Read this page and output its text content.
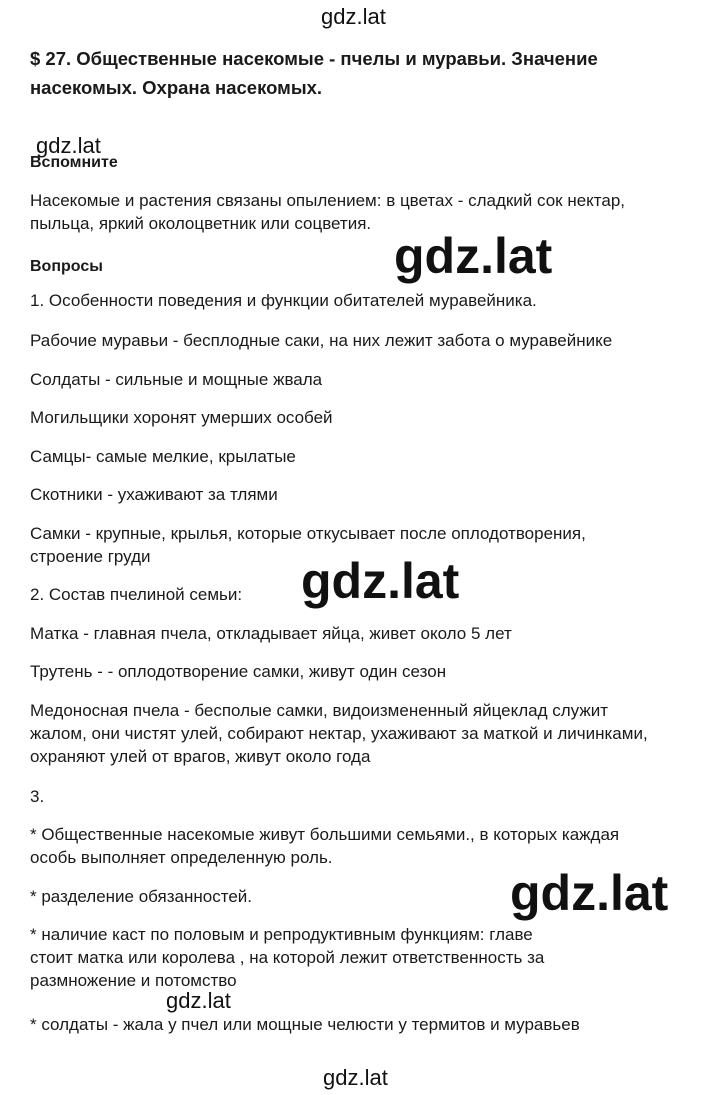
gdz.lat
$ 27. Общественные насекомые - пчелы и муравьи. Значение насекомых. Охрана насекомых.
gdz.lat

Вспомните

Насекомые и растения связаны опылением: в цветах - сладкий сок нектар,

пыльца, яркий околоцветник или соцветия.

Вопросы	gdz.lat

1. Особенности поведения и функции обитателей муравейника.

Рабочие муравьи - бесплодные саки, на них лежит забота о муравейнике

Солдаты - сильные и мощные жвала

Могильщики хоронят умерших особей

Самцы- самые мелкие, крылатые

Скотники - ухаживают за тлями

Самки - крупные, крылья, которые откусывает после оплодотворения,

строение груди	gdz.lat

2. Состав пчелиной семьи:

Матка - главная пчела, откладывает яйца, живет около 5 лет

Трутень - - оплодотворение самки, живут один сезон

Медоносная пчела - бесполые самки, видоизмененный яйцеклад служит

жалом, они чистят улей, собирают нектар, ухаживают за маткой и личинками,

охраняют улей от врагов, живут около года

3.

* Общественные насекомые живут большими семьями., в которых каждая

особь выполняет определенную роль.

* разделение обязанностей.	gdz.lat

* наличие каст по половым и репродуктивным функциям: главе

стоит матка или королева , на которой лежит ответственность за

размножение и потомство

gdz.lat

* солдаты - жала у пчел или мощные челюсти у термитов и муравьев

gdz.lat
